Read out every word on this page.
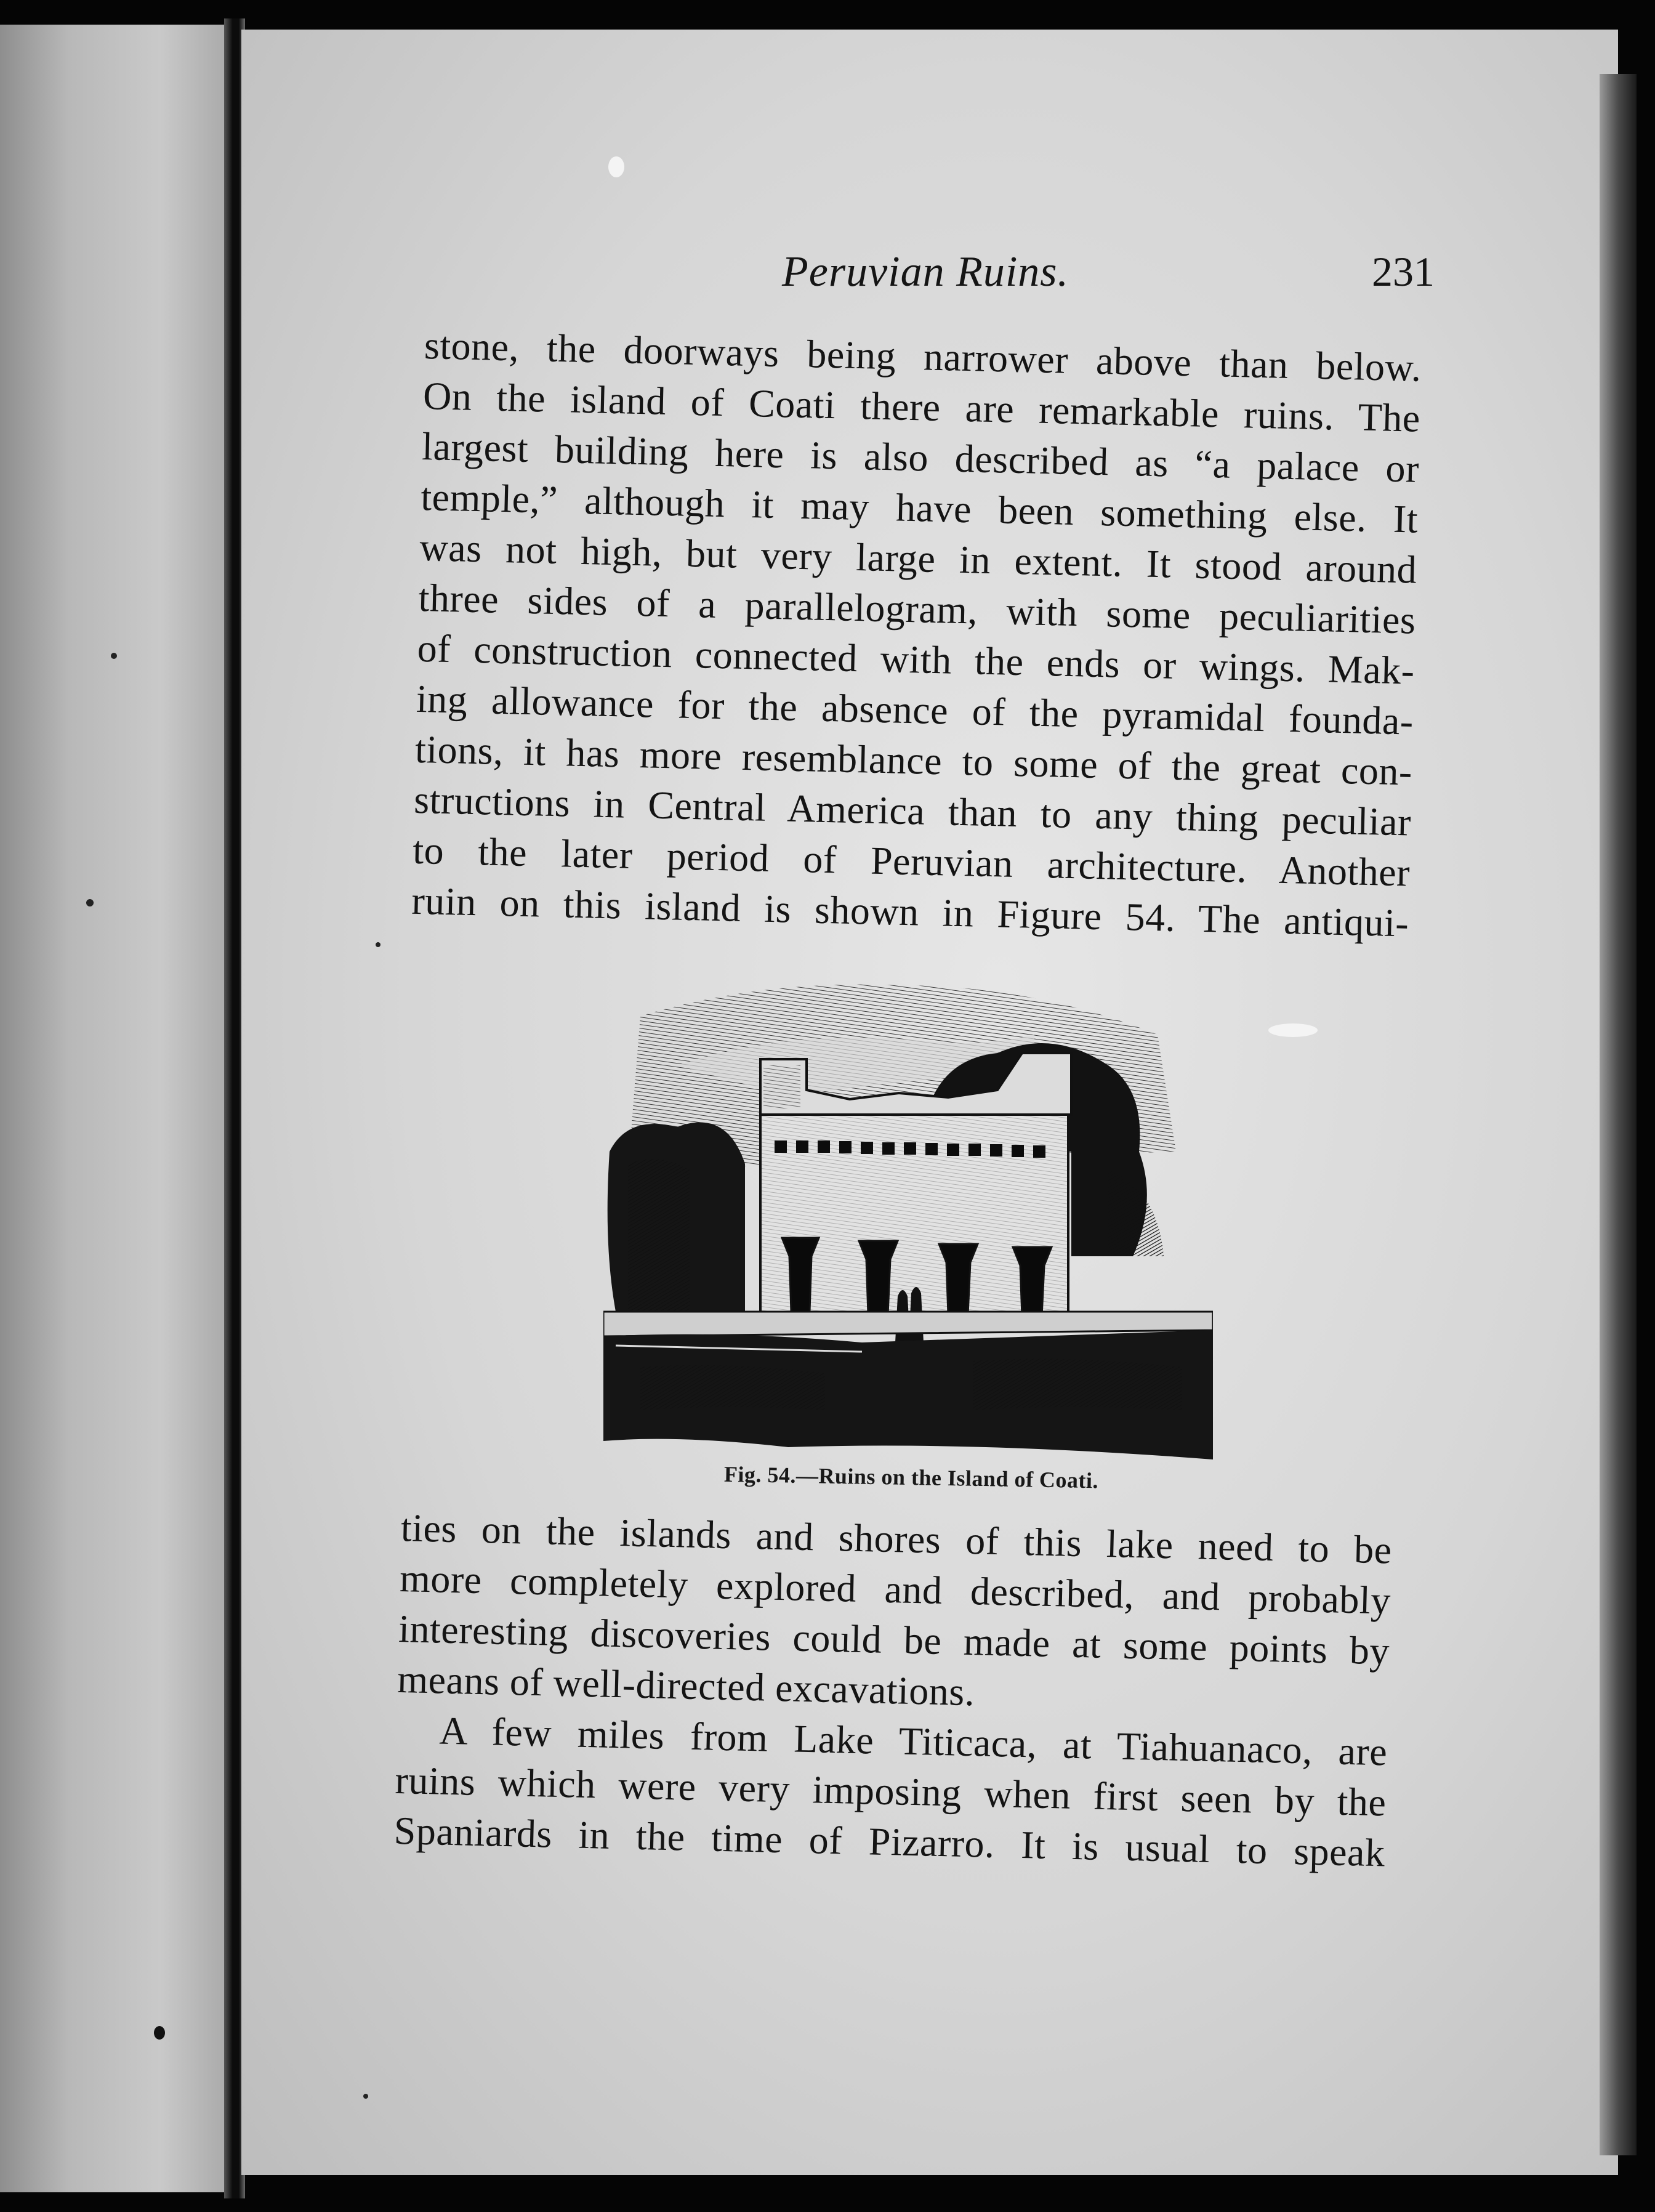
Peruvian Ruins.	231
stone, the doorways being narrower above than below.
On the island of Coati there are remarkable ruins. The
largest building here is also described as “a palace or
temple,” although it may have been something else. It
was not high, but very large in extent. It stood around
three sides of a parallelogram, with some peculiarities
of construction connected with the ends or wings. Mak-
ing allowance for the absence of the pyramidal founda-
tions, it has more resemblance to some of the great con-
structions in Central America than to any thing peculiar
to the later period of Peruvian architecture. Another
ruin on this island is shown in Figure 54. The antiqui-
Fig. 54.—Ruins on the Island of Coati.
ties on the islands and shores of this lake need to be
more completely explored and described, and probably
interesting discoveries could be made at some points by
means of well-directed excavations.
A few miles from Lake Titicaca, at Tiahuanaco, are
ruins which were very imposing when first seen by the
Spaniards in the time of Pizarro. It is usual to speak
